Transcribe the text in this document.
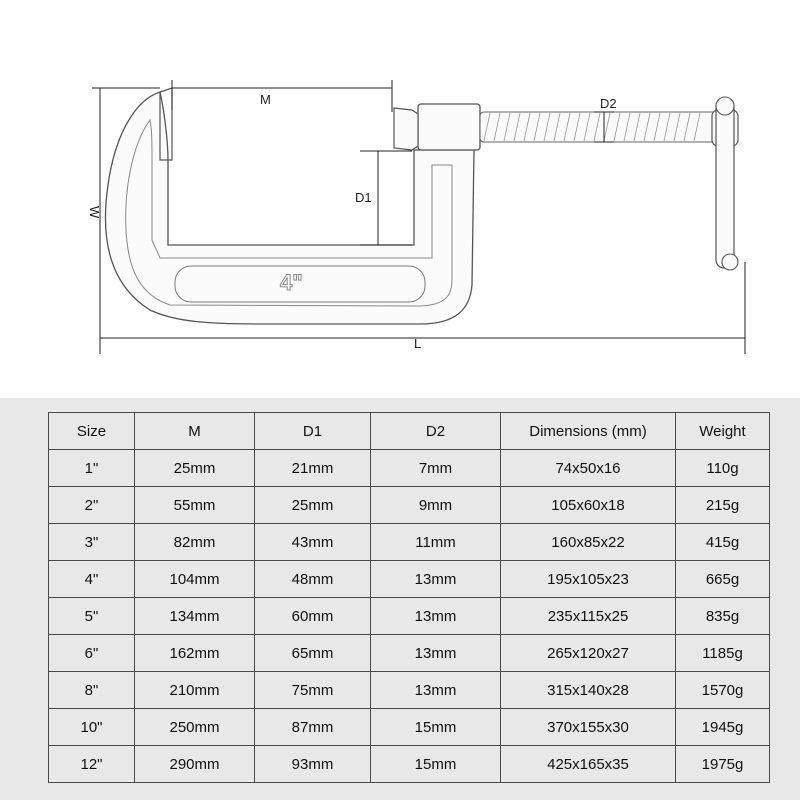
4"
M
D1
D2
W
L
Size	M	D1	D2	Dimensions (mm)	Weight
1"	25mm	21mm	7mm	74x50x16	110g
2"	55mm	25mm	9mm	105x60x18	215g
3"	82mm	43mm	11mm	160x85x22	415g
4"	104mm	48mm	13mm	195x105x23	665g
5"	134mm	60mm	13mm	235x115x25	835g
6"	162mm	65mm	13mm	265x120x27	1185g
8"	210mm	75mm	13mm	315x140x28	1570g
10"	250mm	87mm	15mm	370x155x30	1945g
12"	290mm	93mm	15mm	425x165x35	1975g
